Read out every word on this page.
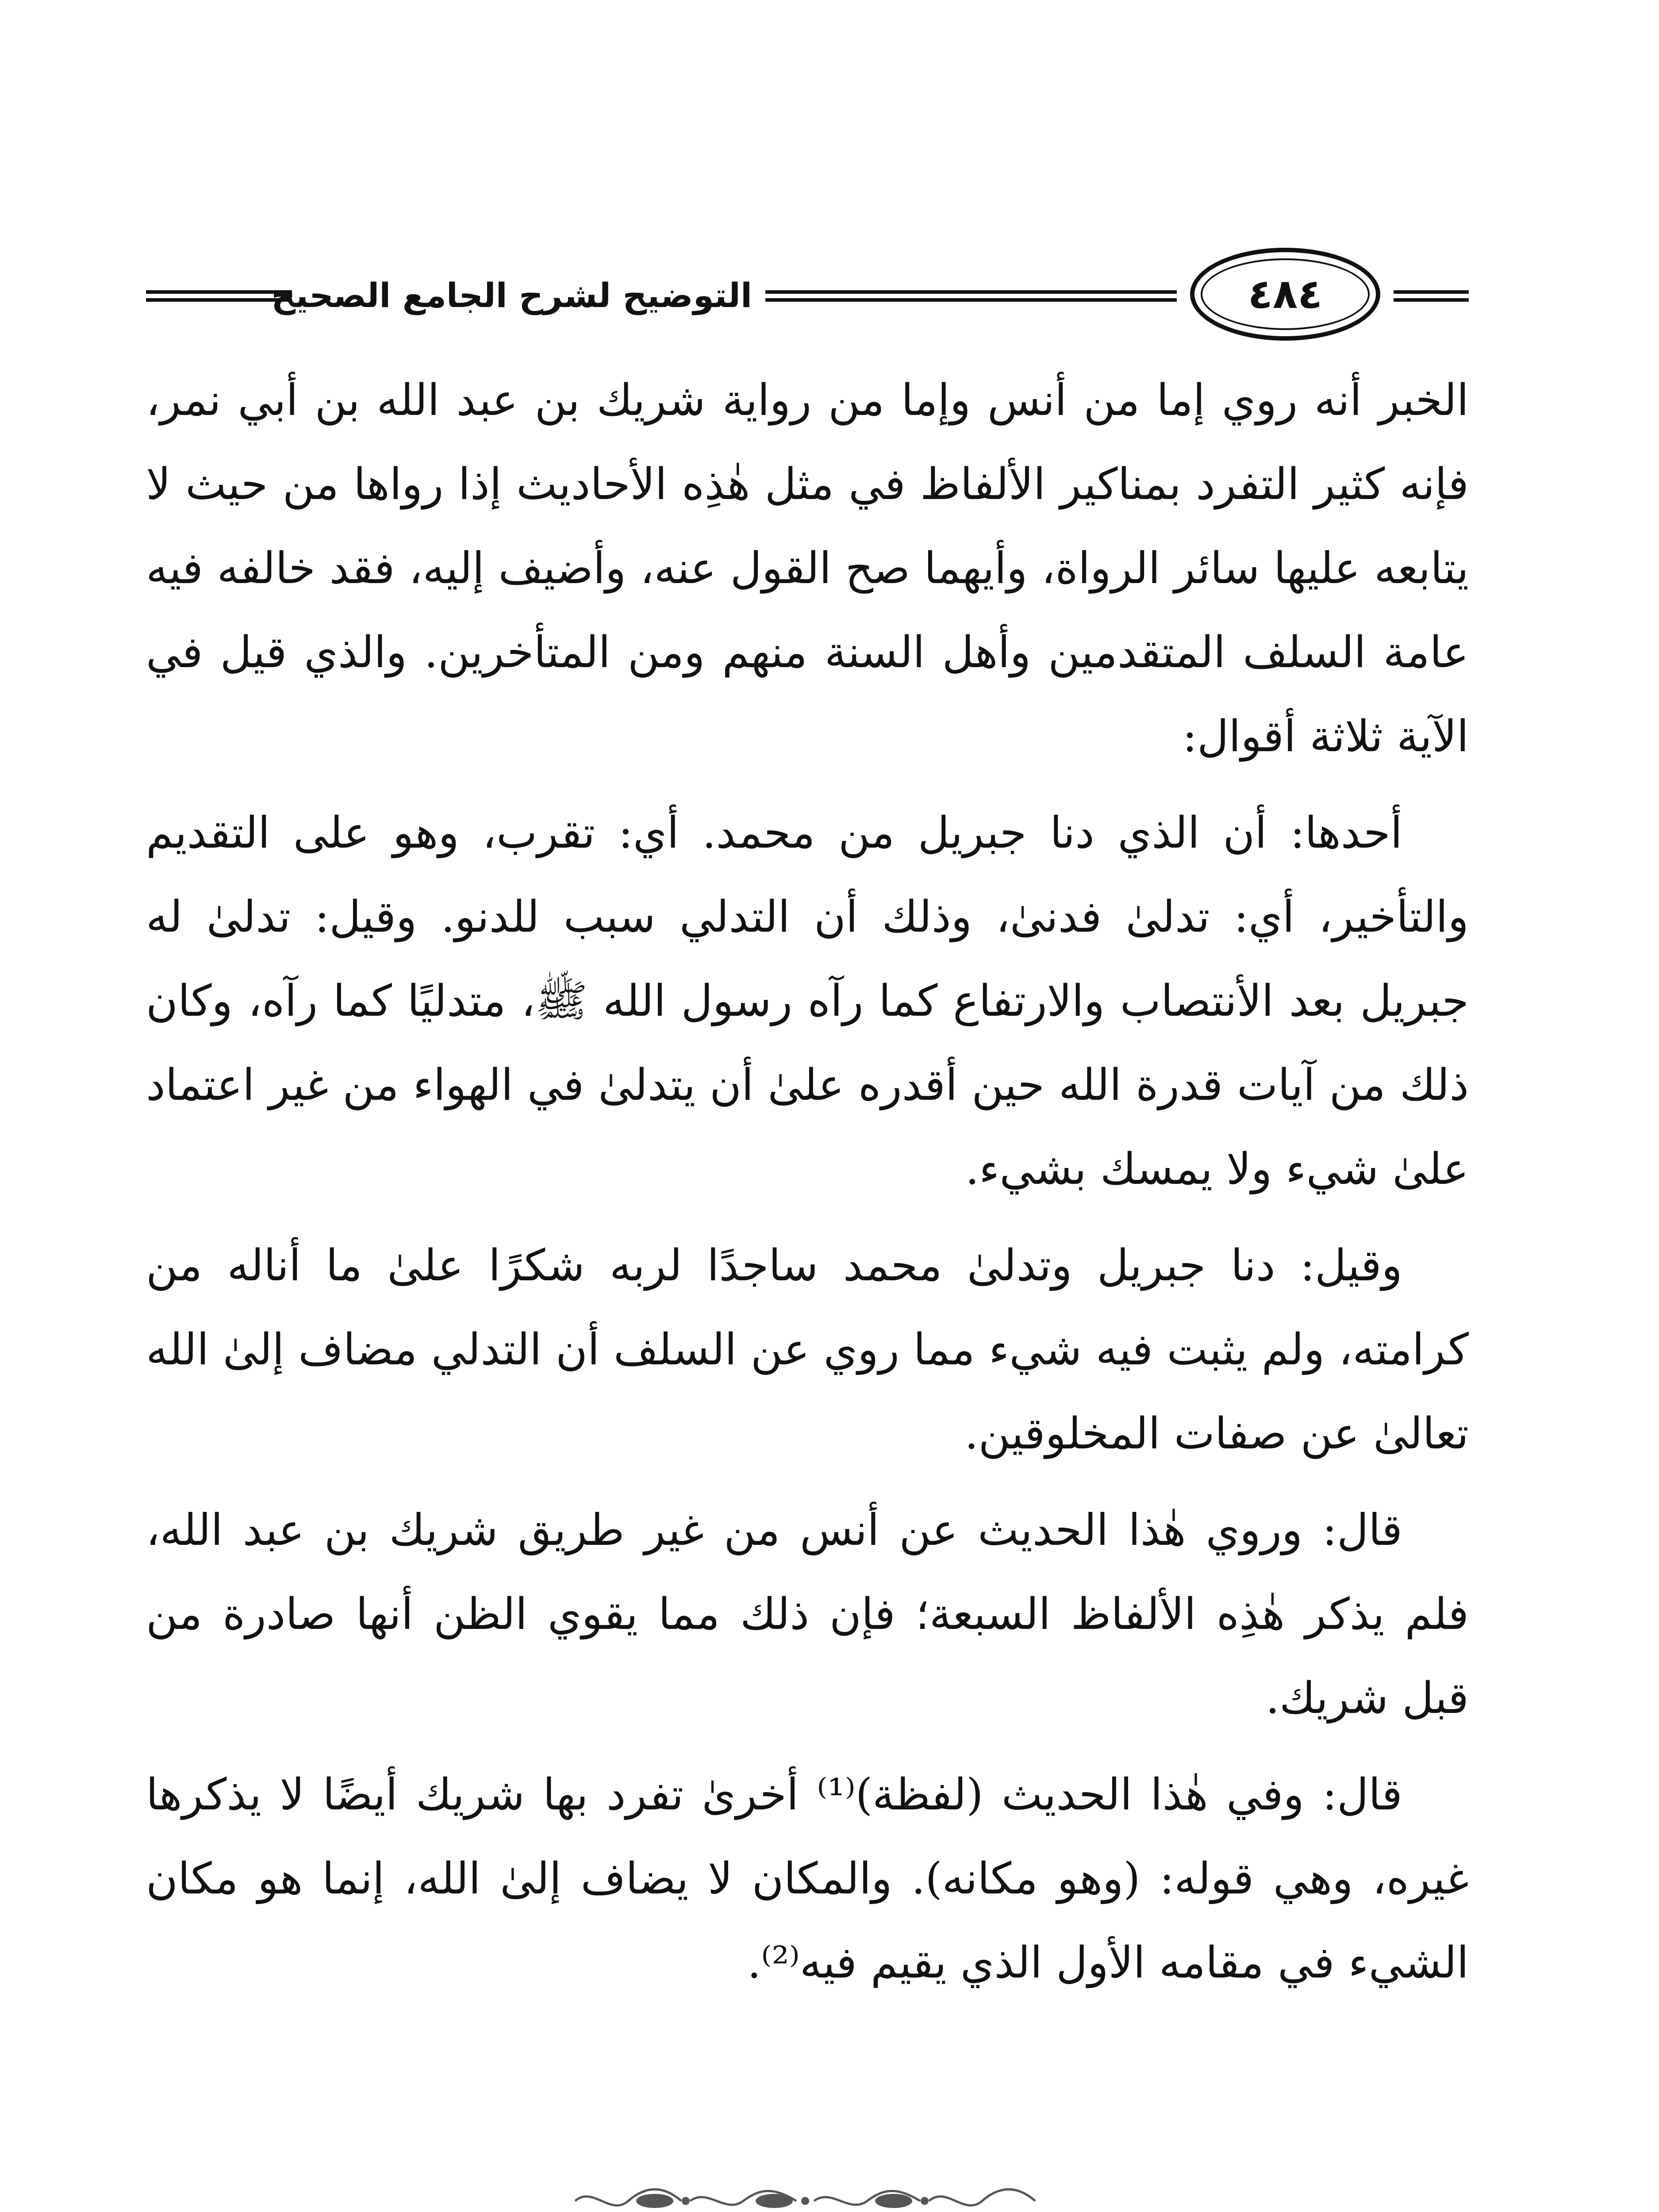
٤٨٤
التوضيح لشرح الجامع الصحيح

الخبر أنه روي إما من أنس وإما من رواية شريك بن عبد الله بن أبي نمر، فإنه كثير التفرد بمناكير الألفاظ في مثل هٰذِه الأحاديث إذا رواها من حيث لا يتابعه عليها سائر الرواة، وأيهما صح القول عنه، وأضيف إليه، فقد خالفه فيه عامة السلف المتقدمين وأهل السنة منهم ومن المتأخرين. والذي قيل في الآية ثلاثة أقوال:

أحدها: أن الذي دنا جبريل من محمد. أي: تقرب، وهو على التقديم والتأخير، أي: تدلىٰ فدنىٰ، وذلك أن التدلي سبب للدنو. وقيل: تدلىٰ له جبريل بعد الأنتصاب والارتفاع كما رآه رسول الله ﷺ، متدليًا كما رآه، وكان ذلك من آيات قدرة الله حين أقدره علىٰ أن يتدلىٰ في الهواء من غير اعتماد علىٰ شيء ولا يمسك بشيء.

وقيل: دنا جبريل وتدلىٰ محمد ساجدًا لربه شكرًا علىٰ ما أناله من كرامته، ولم يثبت فيه شيء مما روي عن السلف أن التدلي مضاف إلىٰ الله تعالىٰ عن صفات المخلوقين.

قال: وروي هٰذا الحديث عن أنس من غير طريق شريك بن عبد الله، فلم يذكر هٰذِه الألفاظ السبعة؛ فإن ذلك مما يقوي الظن أنها صادرة من قبل شريك.

قال: وفي هٰذا الحديث (لفظة)⁽¹⁾ أخرىٰ تفرد بها شريك أيضًا لا يذكرها غيره، وهي قوله: (وهو مكانه). والمكان لا يضاف إلىٰ الله، إنما هو مكان الشيء في مقامه الأول الذي يقيم فيه⁽²⁾.
